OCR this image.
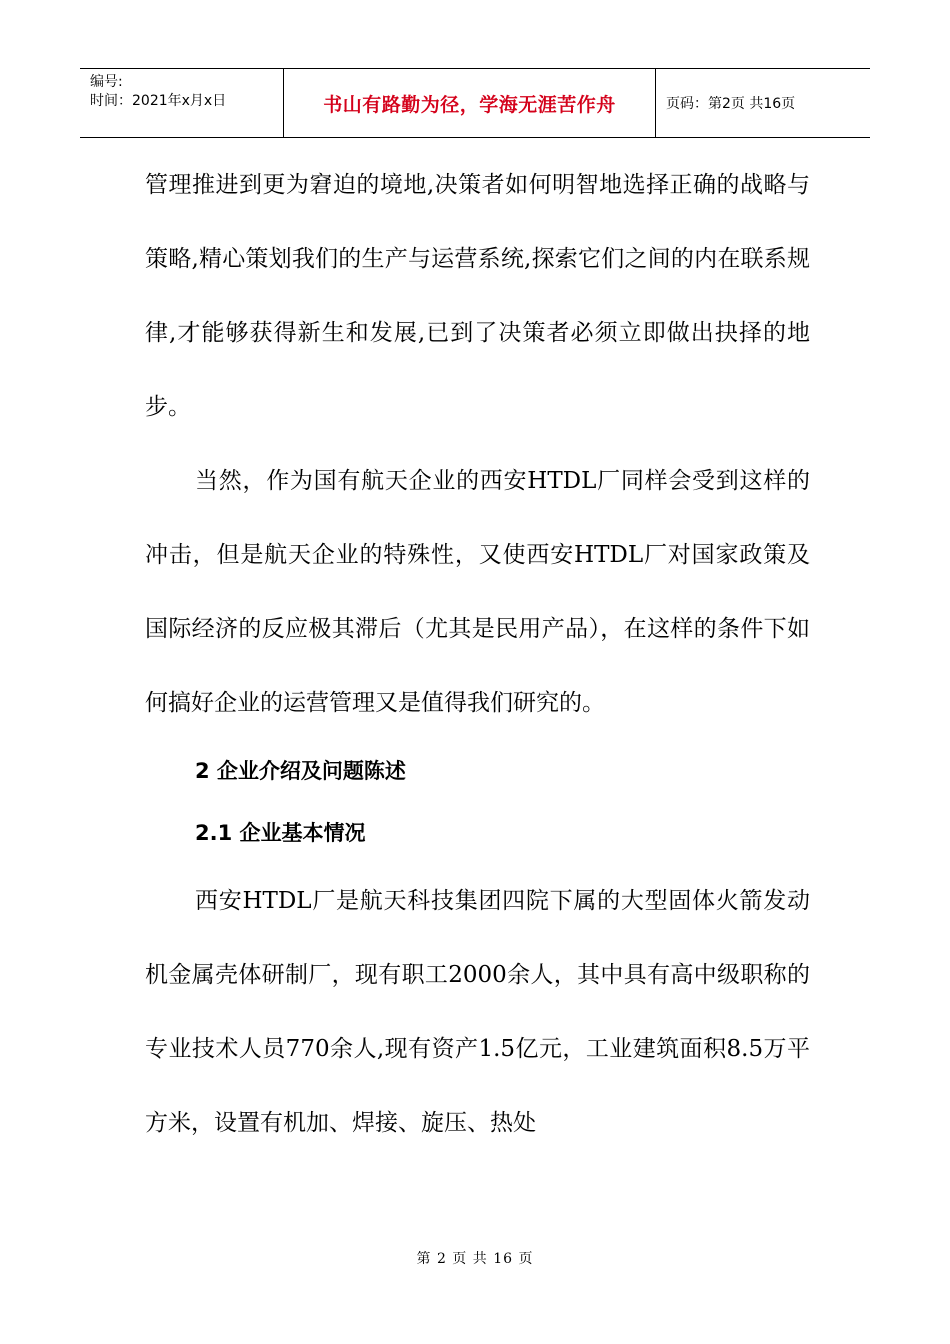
编号:
时间：2021年x月x日	书山有路勤为径，学海无涯苦作舟	页码：第2页 共16页

管理推进到更为窘迫的境地,决策者如何明智地选择正确的战略与策略,精心策划我们的生产与运营系统,探索它们之间的内在联系规律,才能够获得新生和发展,已到了决策者必须立即做出抉择的地步。

当然，作为国有航天企业的西安HTDL厂同样会受到这样的冲击，但是航天企业的特殊性，又使西安HTDL厂对国家政策及国际经济的反应极其滞后（尤其是民用产品），在这样的条件下如何搞好企业的运营管理又是值得我们研究的。

2 企业介绍及问题陈述

2.1 企业基本情况

西安HTDL厂是航天科技集团四院下属的大型固体火箭发动机金属壳体研制厂，现有职工2000余人，其中具有高中级职称的专业技术人员770余人,现有资产1.5亿元，工业建筑面积8.5万平方米，设置有机加、焊接、旋压、热处

第 2 页 共 16 页
